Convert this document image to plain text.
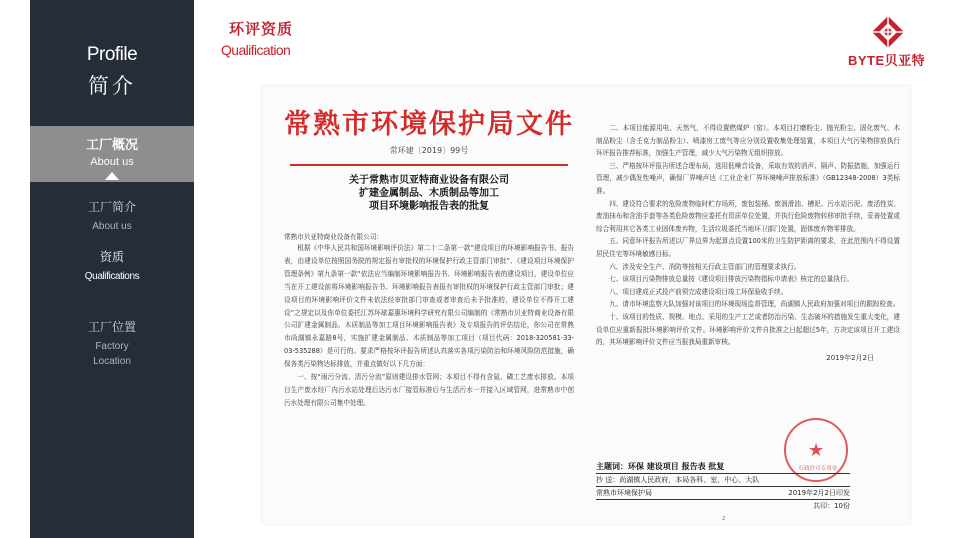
Profile
简介
工厂概况
About us
工厂简介
About us
资质
Qualifications
工厂位置
Factory
Location
环评资质
Qualification
BYTE贝亚特
常熟市环境保护局文件
常环建〔2019〕99号
关于常熟市贝亚特商业设备有限公司
扩建金属制品、木质制品等加工
项目环境影响报告表的批复
常熟市贝亚特商业设备有限公司：

根据《中华人民共和国环境影响评价法》第二十二条第一款“建设项目的环境影响报告书、报告表，由建设单位按照国务院的规定报有审批权的环境保护行政主管部门审批”、《建设项目环境保护管理条例》第九条第一款“依法应当编制环境影响报告书、环境影响报告表的建设项目，建设单位应当在开工建设前将环境影响报告书、环境影响报告表报有审批权的环境保护行政主管部门审批；建设项目的环境影响评价文件未依法经审批部门审查或者审查后未予批准的，建设单位不得开工建设”之规定以及你单位委托江苏环球嘉惠环境科学研究有限公司编制的《常熟市贝亚特商业设备有限公司扩建金属制品、木质制品等加工项目环境影响报告表》及专项报告的评估结论，你公司在常熟市尚湖镇永嘉路8号，实施扩建金属制品、木质制品等加工项目（项目代码：2018-320581-33-03-535288）是可行的。要求严格按环评报告所述认真落实各项污染防治和环境风险防范措施，确保各类污染物达标排放，并重点做好以下几方面：

一、按“雨污分流、清污分流”原则建设排水管网；本项目不得有含氮、磷工艺废水排放。本项目生产废水经厂内污水站处理后达污水厂接管标准后与生活污水一并接入区域管网，进常熟市中创污水处理有限公司集中处理。

二、本项目能源用电、天然气，不得设置燃煤炉（窑）。本项目打磨粉尘、抛光粉尘、固化废气、木制品粉尘（含壬克力制品粉尘）、喷漆房工废气等应分别设置收集处理装置，本项目大气污染物排放执行环评报告推荐标准，加强生产管理，减少大气污染物无组织排放。
三、严格按环评报告所述合理布局，选用低噪音设备，采取有效的消声、隔声、防振措施，加强运行管理，减少偶发性噪声，确保厂界噪声达《工业企业厂界环境噪声排放标准》（GB12348-2008）3类标准。
四、建设符合要求的危险废物临时贮存场所，废包装桶、废润滑油、槽泥、污水站污泥、废活性炭、废油抹布和含油手套等各类危险废物应委托有资质单位处置，并执行危险废物转移审批手续，妥善处置或综合利用其它各类工业固体废弃物，生活垃圾委托当地环卫部门处置，固体废弃物零排放。
五、同意环评报告所述以厂界边界为起算点设置100米的卫生防护距离的要求，在此范围内不得设置居民住宅等环境敏感目标。
六、涉及安全生产、消防等按相关行政主管部门的管理要求执行。
七、该项目污染物排放总量按《建设项目排放污染物指标申请表》核定的总量执行。
八、项目建成正式投产前须完成建设项目竣工环保验收手续。
九、请市环境监察大队加强对该项目的环境现场监督管理，尚湖镇人民政府加强对项目的跟踪检查。
十、该项目的性质、规模、地点、采用的生产工艺或者防治污染、生态破坏的措施发生重大变化，建设单位应重新报批环境影响评价文件。环境影响评价文件自批准之日起超过5年，方决定该项目开工建设的，其环境影响评价文件应当报我局重新审核。
2019年2月2日
★
行政许可专用章
主题词：环保 建设项目 报告表 批复
抄 送：尚湖镇人民政府，本局各科、室、中心、大队
常熟市环境保护局	2019年2月2日印发
共印：10份
2
